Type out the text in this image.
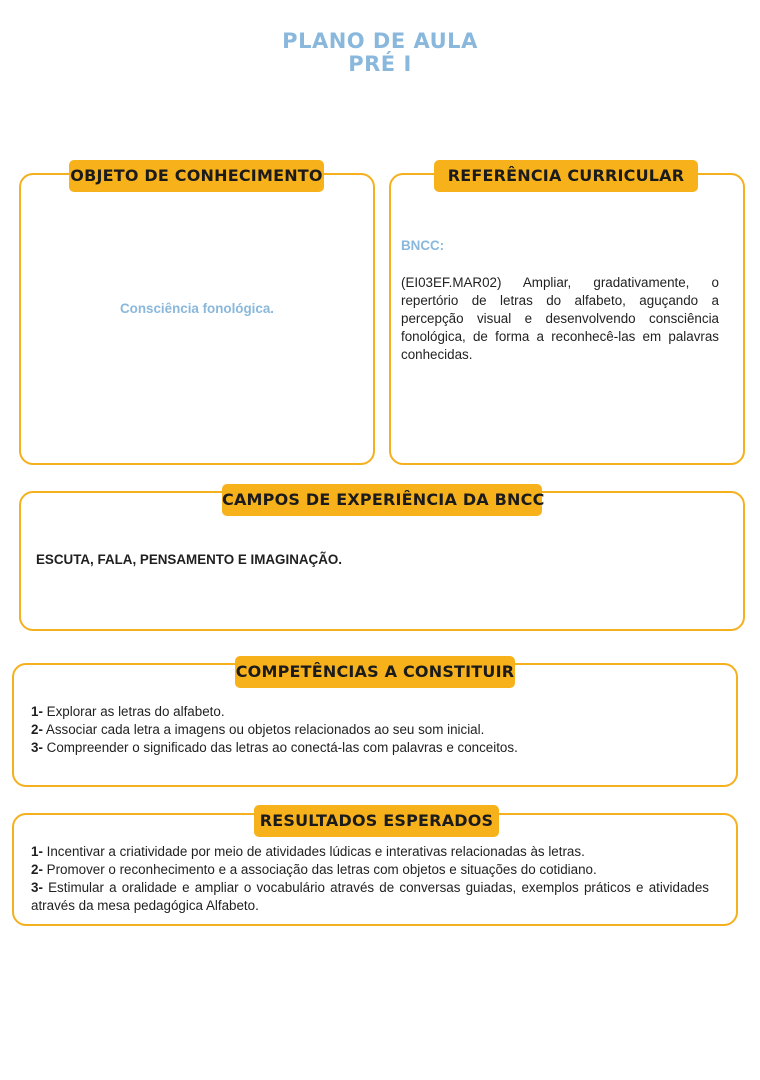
PLANO DE AULA
PRÉ I
OBJETO DE CONHECIMENTO
Consciência fonológica.
REFERÊNCIA CURRICULAR
BNCC:
(EI03EF.MAR02) Ampliar, gradativamente, o repertório de letras do alfabeto, aguçando a percepção visual e desenvolvendo consciência fonológica, de forma a reconhecê-las em palavras conhecidas.
CAMPOS DE EXPERIÊNCIA DA BNCC
ESCUTA, FALA, PENSAMENTO E IMAGINAÇÃO.
COMPETÊNCIAS A CONSTITUIR
1- Explorar as letras do alfabeto.
2- Associar cada letra a imagens ou objetos relacionados ao seu som inicial.
3- Compreender o significado das letras ao conectá-las com palavras e conceitos.
RESULTADOS ESPERADOS
1- Incentivar a criatividade por meio de atividades lúdicas e interativas relacionadas às letras.
2- Promover o reconhecimento e a associação das letras com objetos e situações do cotidiano.
3- Estimular a oralidade e ampliar o vocabulário através de conversas guiadas, exemplos práticos e atividades através da mesa pedagógica Alfabeto.
